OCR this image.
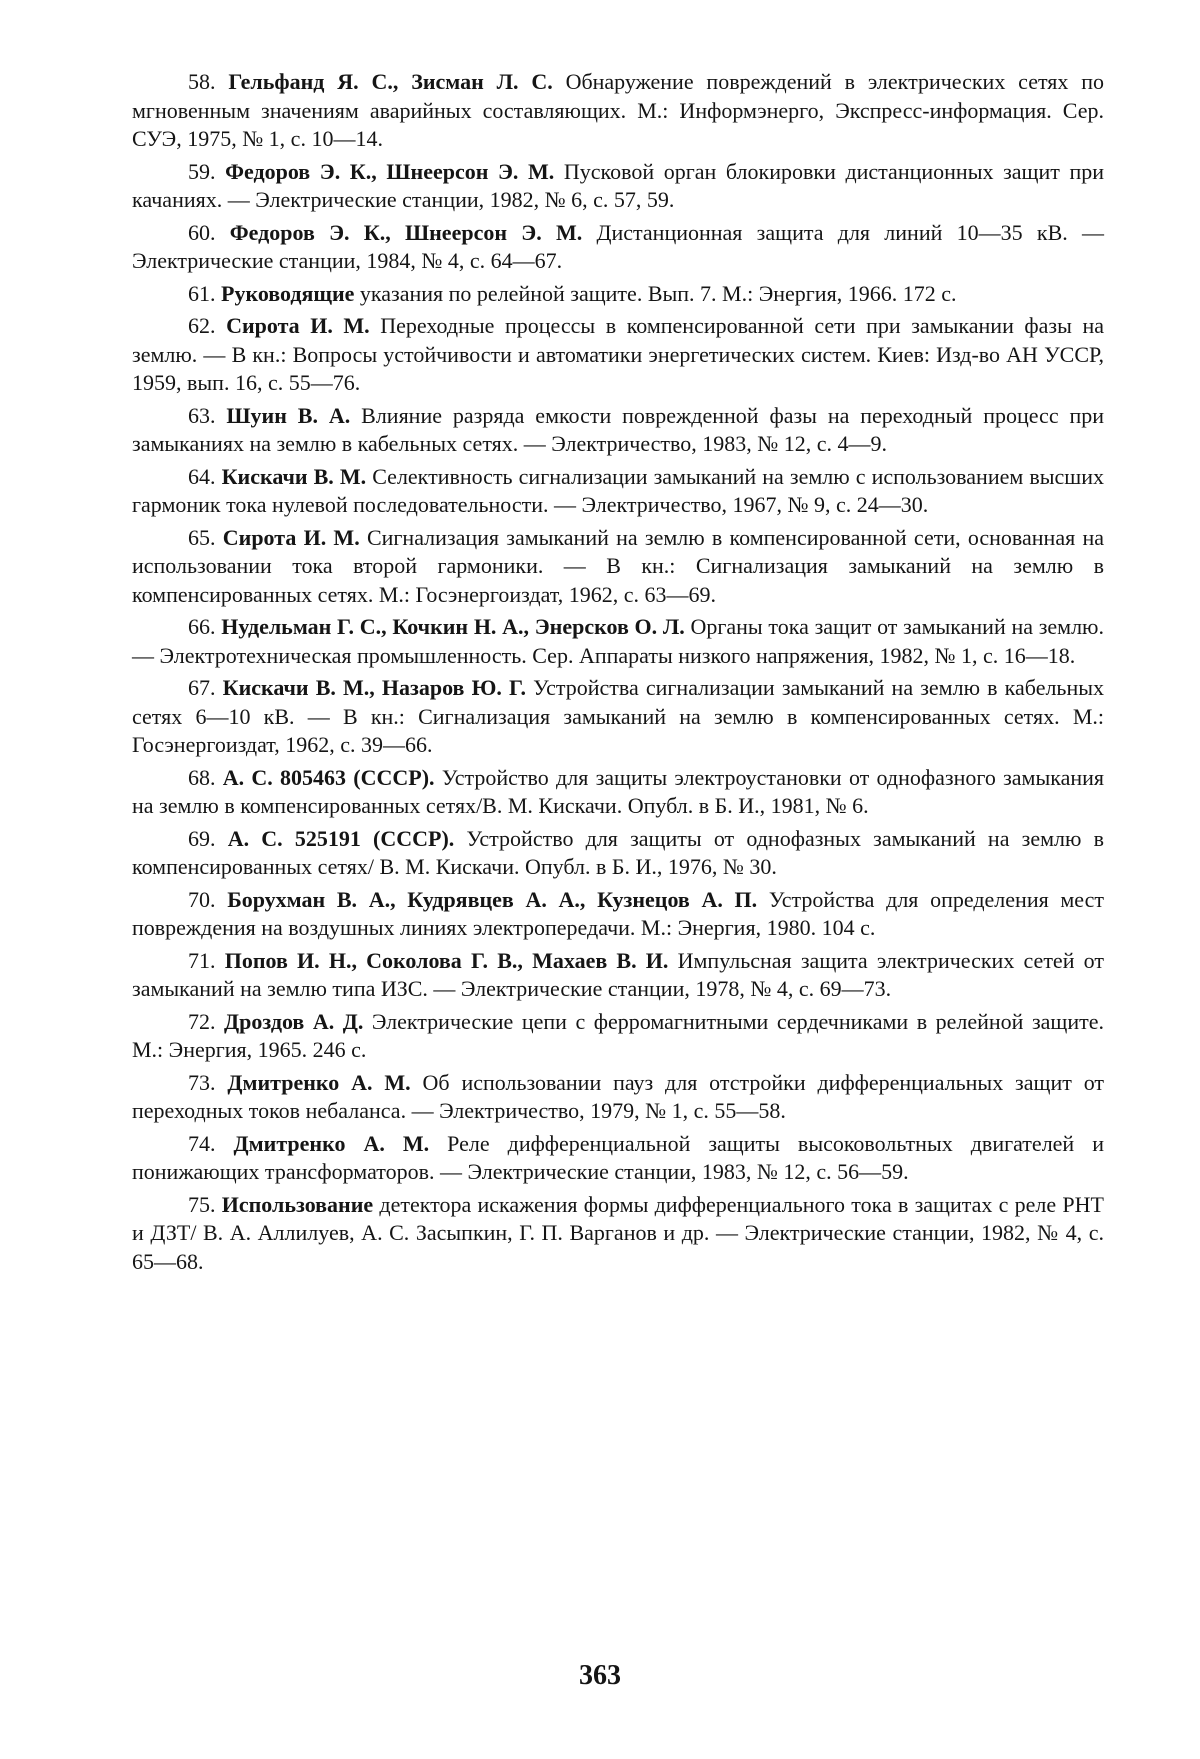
58. Гельфанд Я. С., Зисман Л. С. Обнаружение повреждений в электрических сетях по мгновенным значениям аварийных составляющих. М.: Информэнерго, Экспресс-информация. Сер. СУЭ, 1975, № 1, с. 10—14.

59. Федоров Э. К., Шнеерсон Э. М. Пусковой орган блокировки дистанционных защит при качаниях. — Электрические станции, 1982, № 6, с. 57, 59.

60. Федоров Э. К., Шнеерсон Э. М. Дистанционная защита для линий 10—35 кВ. — Электрические станции, 1984, № 4, с. 64—67.

61. Руководящие указания по релейной защите. Вып. 7. М.: Энергия, 1966. 172 с.

62. Сирота И. М. Переходные процессы в компенсированной сети при замыкании фазы на землю. — В кн.: Вопросы устойчивости и автоматики энергетических систем. Киев: Изд-во АН УССР, 1959, вып. 16, с. 55—76.

63. Шуин В. А. Влияние разряда емкости поврежденной фазы на переходный процесс при замыканиях на землю в кабельных сетях. — Электричество, 1983, № 12, с. 4—9.

64. Кискачи В. М. Селективность сигнализации замыканий на землю с использованием высших гармоник тока нулевой последовательности. — Электричество, 1967, № 9, с. 24—30.

65. Сирота И. М. Сигнализация замыканий на землю в компенсированной сети, основанная на использовании тока второй гармоники. — В кн.: Сигнализация замыканий на землю в компенсированных сетях. М.: Госэнергоиздат, 1962, с. 63—69.

66. Нудельман Г. С., Кочкин Н. А., Энерсков О. Л. Органы тока защит от замыканий на землю. — Электротехническая промышленность. Сер. Аппараты низкого напряжения, 1982, № 1, с. 16—18.

67. Кискачи В. М., Назаров Ю. Г. Устройства сигнализации замыканий на землю в кабельных сетях 6—10 кВ. — В кн.: Сигнализация замыканий на землю в компенсированных сетях. М.: Госэнергоиздат, 1962, с. 39—66.

68. А. С. 805463 (СССР). Устройство для защиты электроустановки от однофазного замыкания на землю в компенсированных сетях/В. М. Кискачи. Опубл. в Б. И., 1981, № 6.

69. А. С. 525191 (СССР). Устройство для защиты от однофазных замыканий на землю в компенсированных сетях/ В. М. Кискачи. Опубл. в Б. И., 1976, № 30.

70. Борухман В. А., Кудрявцев А. А., Кузнецов А. П. Устройства для определения мест повреждения на воздушных линиях электропередачи. М.: Энергия, 1980. 104 с.

71. Попов И. Н., Соколова Г. В., Махаев В. И. Импульсная защита электрических сетей от замыканий на землю типа ИЗС. — Электрические станции, 1978, № 4, с. 69—73.

72. Дроздов А. Д. Электрические цепи с ферромагнитными сердечниками в релейной защите. М.: Энергия, 1965. 246 с.

73. Дмитренко А. М. Об использовании пауз для отстройки дифференциальных защит от переходных токов небаланса. — Электричество, 1979, № 1, с. 55—58.

74. Дмитренко А. М. Реле дифференциальной защиты высоковольтных двигателей и понижающих трансформаторов. — Электрические станции, 1983, № 12, с. 56—59.

75. Использование детектора искажения формы дифференциального тока в защитах с реле РНТ и ДЗТ/ В. А. Аллилуев, А. С. Засыпкин, Г. П. Варганов и др. — Электрические станции, 1982, № 4, с. 65—68.

363
